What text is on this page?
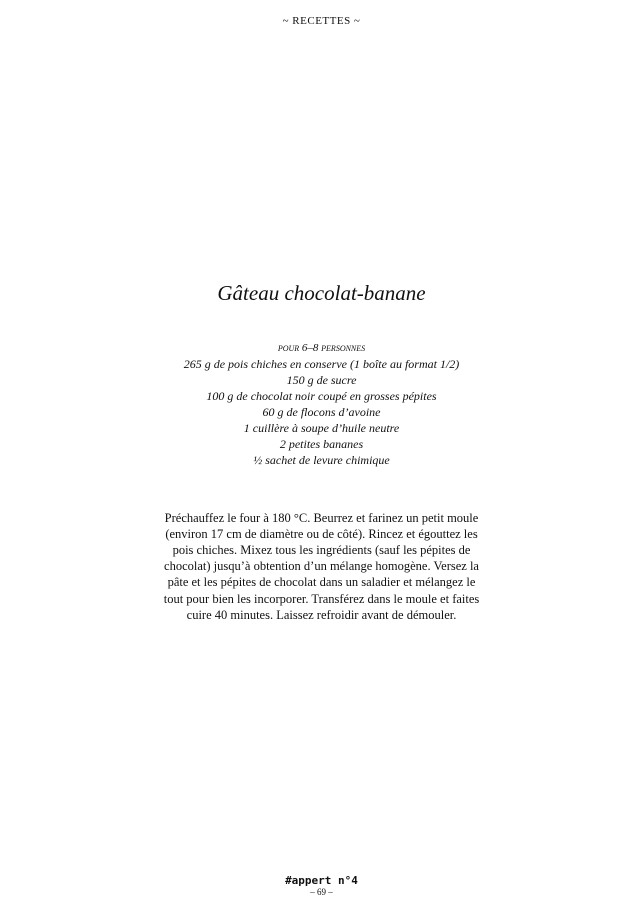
~ RECETTES ~
Gâteau chocolat-banane
pour 6–8 personnes
265 g de pois chiches en conserve (1 boîte au format 1/2)
150 g de sucre
100 g de chocolat noir coupé en grosses pépites
60 g de flocons d’avoine
1 cuillère à soupe d’huile neutre
2 petites bananes
½ sachet de levure chimique

Préchauffez le four à 180 °C. Beurrez et farinez un petit moule (environ 17 cm de diamètre ou de côté). Rincez et égouttez les pois chiches. Mixez tous les ingrédients (sauf les pépites de chocolat) jusqu’à obtention d’un mélange homogène. Versez la pâte et les pépites de chocolat dans un saladier et mélangez le tout pour bien les incorporer. Transférez dans le moule et faites cuire 40 minutes. Laissez refroidir avant de démouler.

#appert n°4
– 69 –
